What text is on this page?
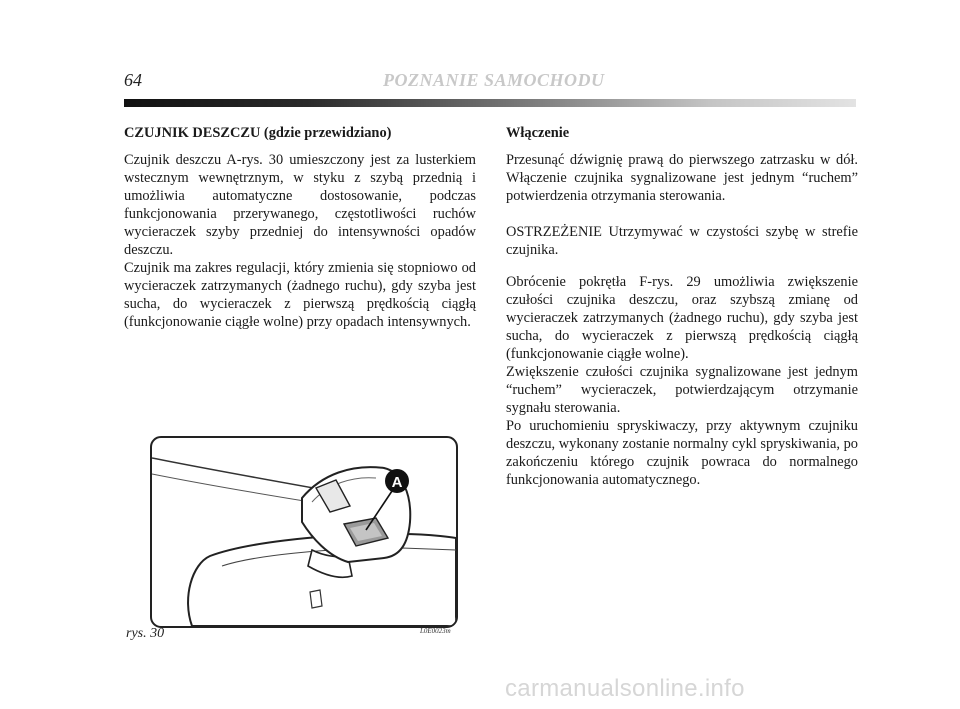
64	POZNANIE SAMOCHODU
CZUJNIK DESZCZU (gdzie przewidziano)

Czujnik deszczu A-rys. 30 umieszczony jest za lusterkiem wstecznym wewnętrznym, w styku z szybą przednią i umożliwia automatyczne dostosowanie, podczas funkcjonowania przerywanego, częstotliwości ruchów wycieraczek szyby przedniej do intensywności opadów deszczu.

Czujnik ma zakres regulacji, który zmienia się stopniowo od wycieraczek zatrzymanych (żadnego ruchu), gdy szyba jest sucha, do wycieraczek z pierwszą prędkością ciągłą (funkcjonowanie ciągłe wolne) przy opadach intensywnych.

Włączenie

Przesunąć dźwignię prawą do pierwszego zatrzasku w dół. Włączenie czujnika sygnalizowane jest jednym “ruchem” potwierdzenia otrzymania sterowania.

OSTRZEŻENIE Utrzymywać w czystości szybę w strefie czujnika.

Obrócenie pokrętła F-rys. 29 umożliwia zwiększenie czułości czujnika deszczu, oraz szybszą zmianę od wycieraczek zatrzymanych (żadnego ruchu), gdy szyba jest sucha, do wycieraczek z pierwszą prędkością ciągłą (funkcjonowanie ciągłe wolne).

Zwiększenie czułości czujnika sygnalizowane jest jednym “ruchem” wycieraczek, potwierdzającym otrzymanie sygnału sterowania.

Po uruchomieniu spryskiwaczy, przy aktywnym czujniku deszczu, wykonany zostanie normalny cykl spryskiwania, po zakończeniu którego czujnik powraca do normalnego funkcjonowania automatycznego.

A
rys. 30	L0E0023m
carmanualsonline.info
